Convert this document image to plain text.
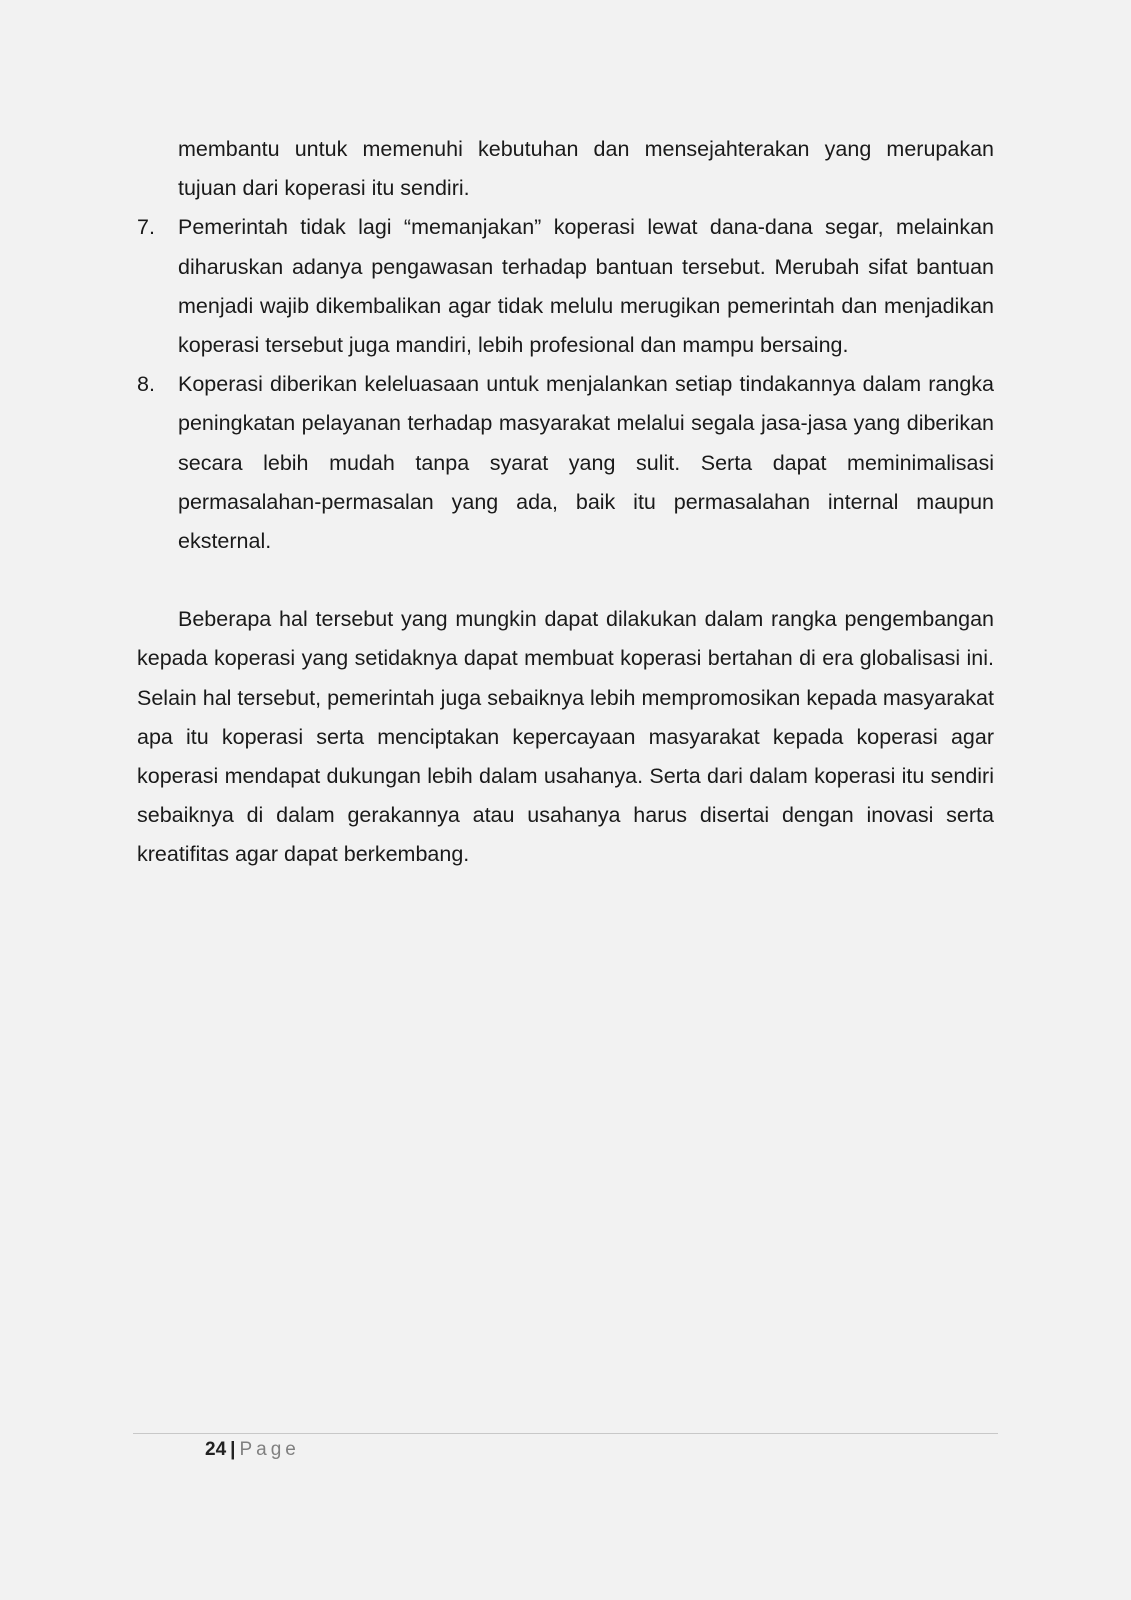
membantu untuk memenuhi kebutuhan dan mensejahterakan yang merupakan tujuan dari koperasi itu sendiri.

7.	Pemerintah tidak lagi “memanjakan” koperasi lewat dana-dana segar, melainkan diharuskan adanya pengawasan terhadap bantuan tersebut. Merubah sifat bantuan menjadi wajib dikembalikan agar tidak melulu merugikan pemerintah dan menjadikan koperasi tersebut juga mandiri, lebih profesional dan mampu bersaing.
8.	Koperasi diberikan keleluasaan untuk menjalankan setiap tindakannya dalam rangka peningkatan pelayanan terhadap masyarakat melalui segala jasa-jasa yang diberikan secara lebih mudah tanpa syarat yang sulit. Serta dapat meminimalisasi permasalahan-permasalan yang ada, baik itu permasalahan internal maupun eksternal.

Beberapa hal tersebut yang mungkin dapat dilakukan dalam rangka pengembangan kepada koperasi yang setidaknya dapat membuat koperasi bertahan di era globalisasi ini. Selain hal tersebut, pemerintah juga sebaiknya lebih mempromosikan kepada masyarakat apa itu koperasi serta menciptakan kepercayaan masyarakat kepada koperasi agar koperasi mendapat dukungan lebih dalam usahanya. Serta dari dalam koperasi itu sendiri sebaiknya di dalam gerakannya atau usahanya harus disertai dengan inovasi serta kreatifitas agar dapat berkembang.

24 | Page
